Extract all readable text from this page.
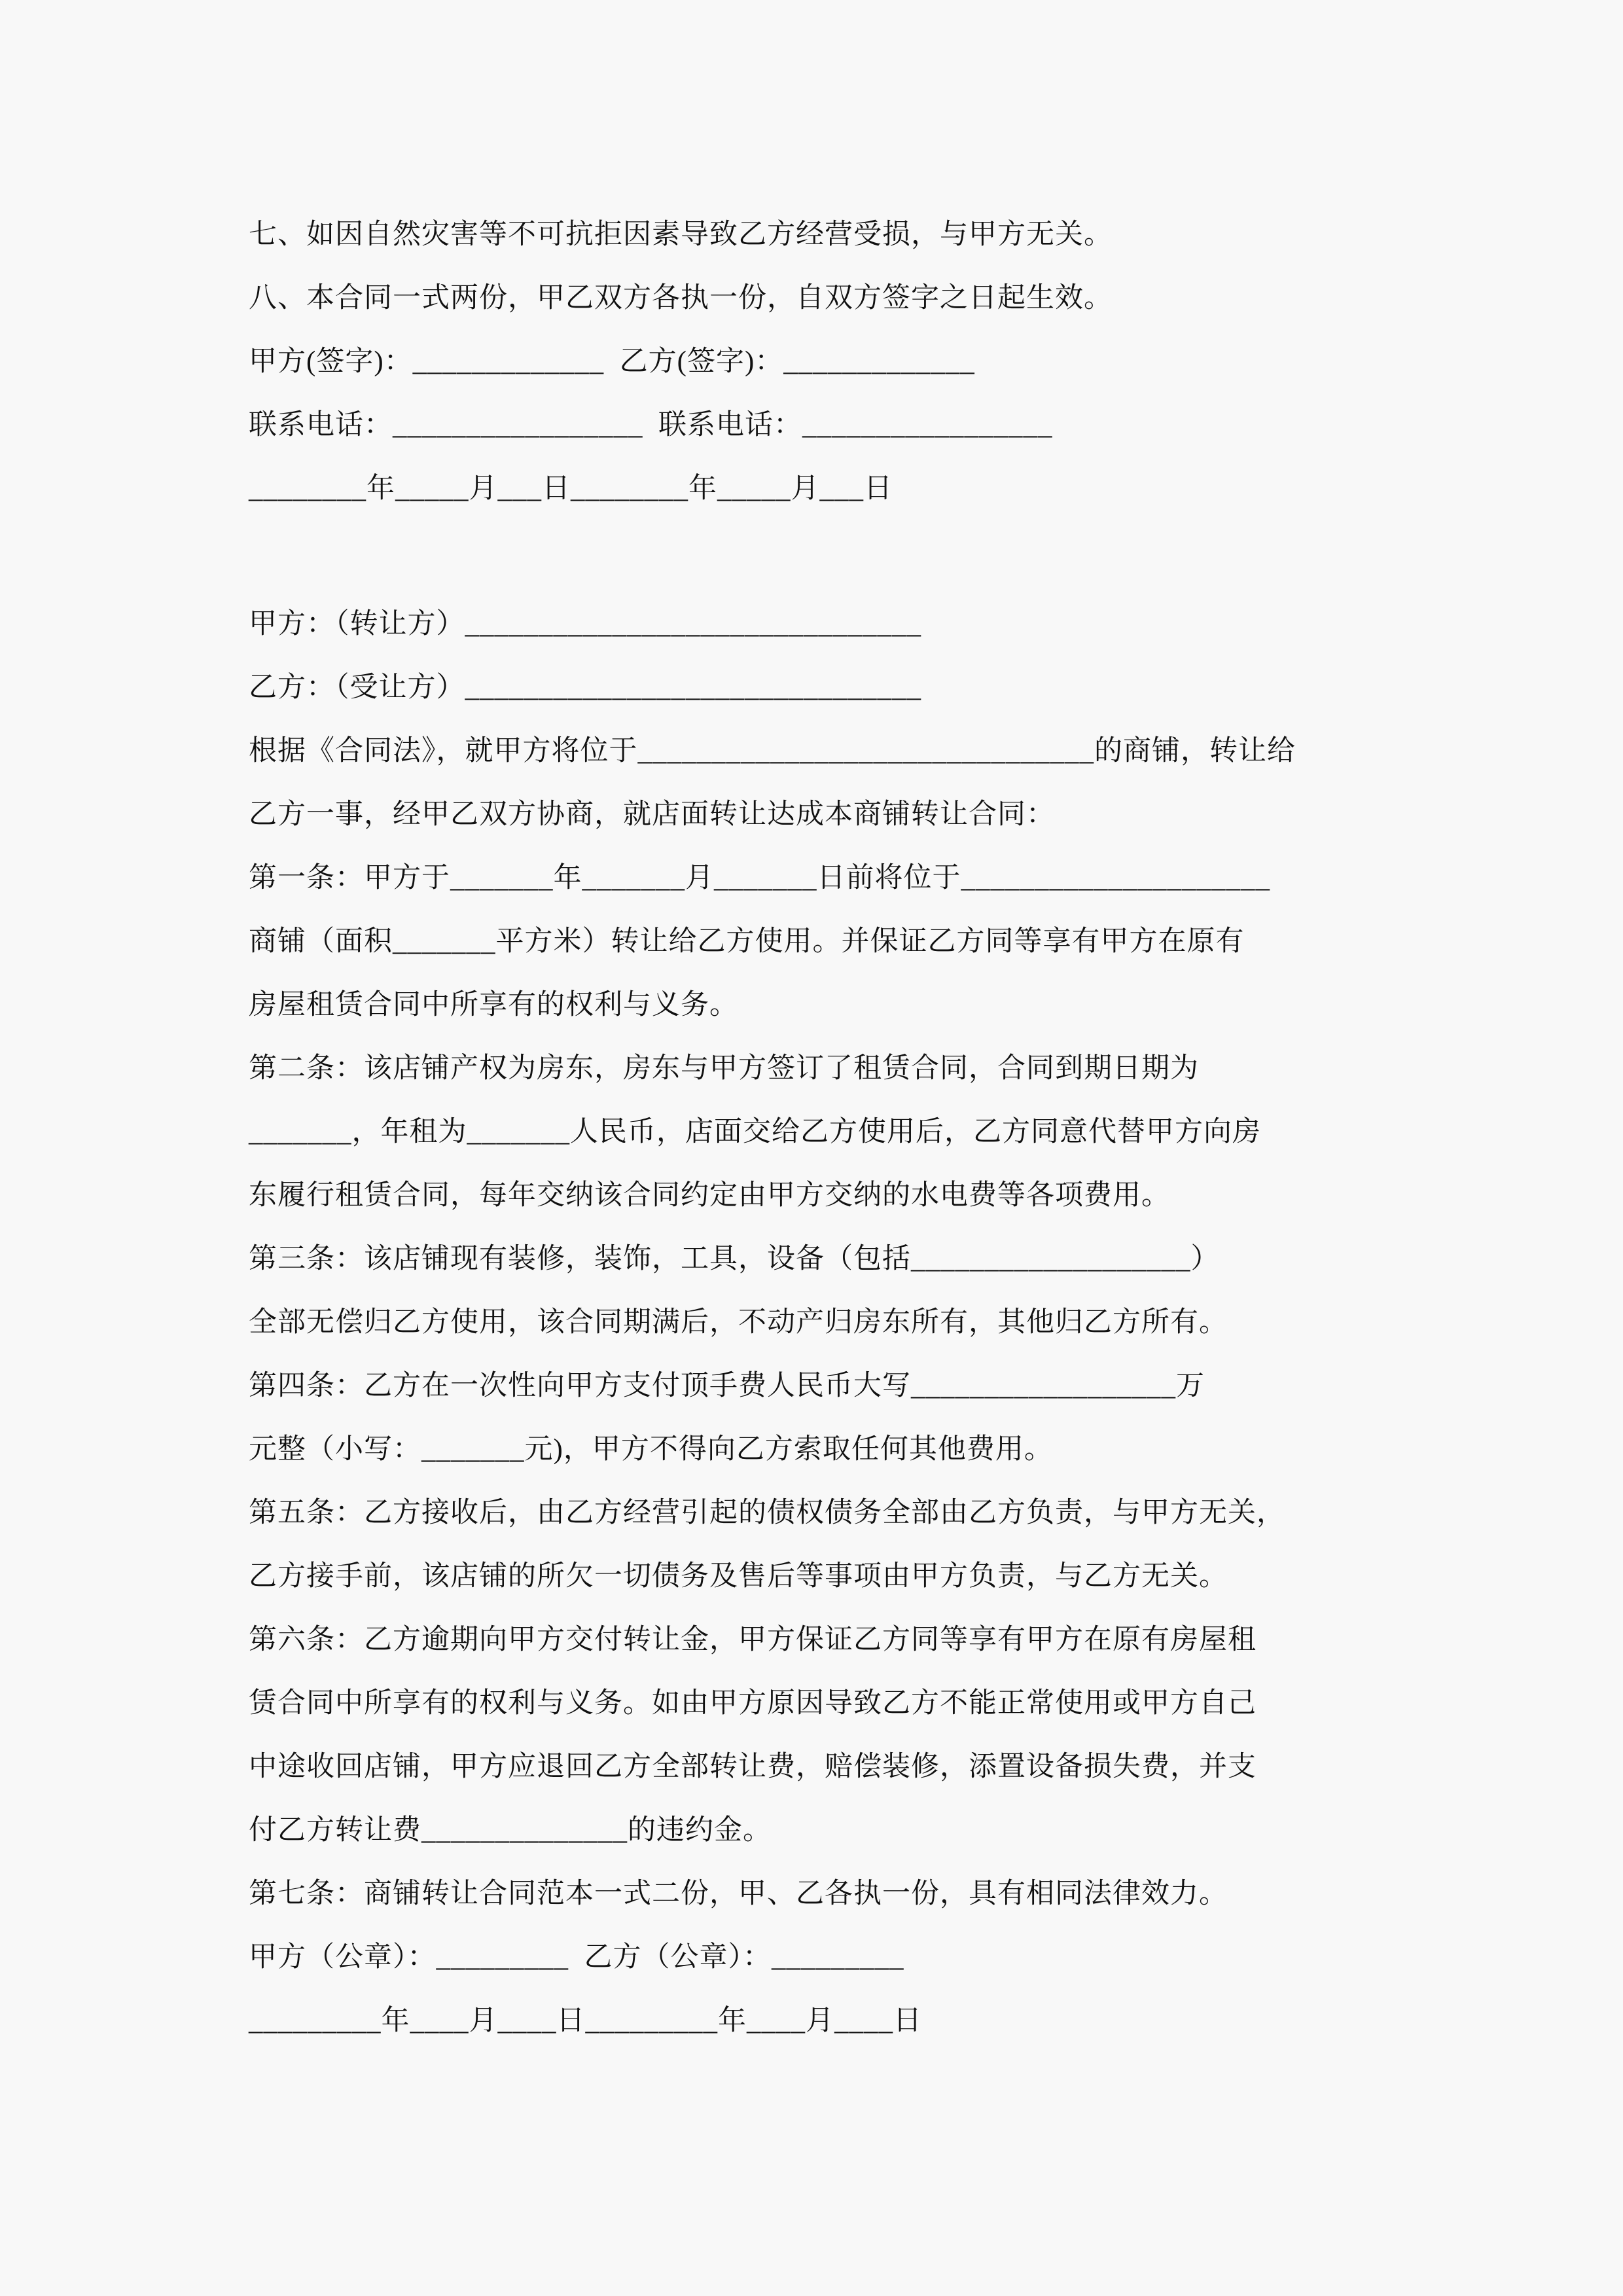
七、如因自然灾害等不可抗拒因素导致乙方经营受损，与甲方无关。
八、本合同一式两份，甲乙双方各执一份，自双方签字之日起生效。
甲方(签字)：_____________  乙方(签字)：_____________
联系电话：_________________  联系电话：_________________
________年_____月___日________年_____月___日
甲方：（转让方）_______________________________
乙方：（受让方）_______________________________
根据《合同法》，就甲方将位于_______________________________的商铺，转让给
乙方一事，经甲乙双方协商，就店面转让达成本商铺转让合同：
第一条：甲方于_______年_______月_______日前将位于_____________________
商铺（面积_______平方米）转让给乙方使用。并保证乙方同等享有甲方在原有
房屋租赁合同中所享有的权利与义务。
第二条：该店铺产权为房东，房东与甲方签订了租赁合同，合同到期日期为
_______，年租为_______人民币，店面交给乙方使用后，乙方同意代替甲方向房
东履行租赁合同，每年交纳该合同约定由甲方交纳的水电费等各项费用。
第三条：该店铺现有装修，装饰，工具，设备（包括___________________）
全部无偿归乙方使用，该合同期满后，不动产归房东所有，其他归乙方所有。
第四条：乙方在一次性向甲方支付顶手费人民币大写__________________万
元整（小写：_______元)，甲方不得向乙方索取任何其他费用。
第五条：乙方接收后，由乙方经营引起的债权债务全部由乙方负责，与甲方无关，
乙方接手前，该店铺的所欠一切债务及售后等事项由甲方负责，与乙方无关。
第六条：乙方逾期向甲方交付转让金，甲方保证乙方同等享有甲方在原有房屋租
赁合同中所享有的权利与义务。如由甲方原因导致乙方不能正常使用或甲方自己
中途收回店铺，甲方应退回乙方全部转让费，赔偿装修，添置设备损失费，并支
付乙方转让费______________的违约金。
第七条：商铺转让合同范本一式二份，甲、乙各执一份，具有相同法律效力。
甲方（公章）：_________  乙方（公章）：_________
_________年____月____日_________年____月____日
